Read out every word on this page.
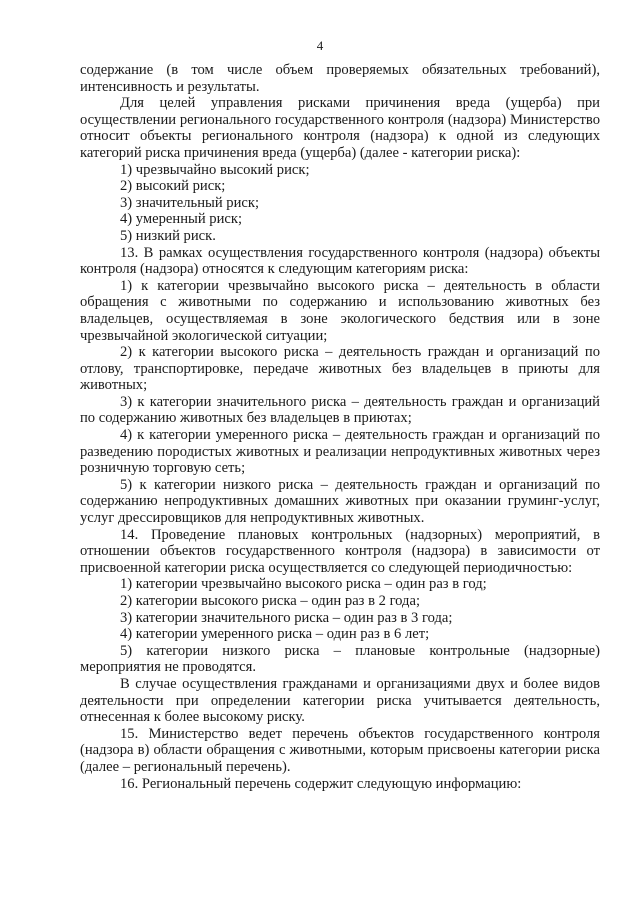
4

содержание (в том числе объем проверяемых обязательных требований), интенсивность и результаты.

Для целей управления рисками причинения вреда (ущерба) при осуществлении регионального государственного контроля (надзора) Министерство относит объекты регионального контроля (надзора) к одной из следующих категорий риска причинения вреда (ущерба) (далее - категории риска):

1) чрезвычайно высокий риск;

2) высокий риск;

3) значительный риск;

4) умеренный риск;

5) низкий риск.

13. В рамках осуществления государственного контроля (надзора) объекты контроля (надзора) относятся к следующим категориям риска:

1) к категории чрезвычайно высокого риска – деятельность в области обращения с животными по содержанию и использованию животных без владельцев, осуществляемая в зоне экологического бедствия или в зоне чрезвычайной экологической ситуации;

2) к категории высокого риска – деятельность граждан и организаций по отлову, транспортировке, передаче животных без владельцев в приюты для животных;

3) к категории значительного риска – деятельность граждан и организаций по содержанию животных без владельцев в приютах;

4) к категории умеренного риска – деятельность граждан и организаций по разведению породистых животных и реализации непродуктивных животных через розничную торговую сеть;

5) к категории низкого риска – деятельность граждан и организаций по содержанию непродуктивных домашних животных при оказании груминг-услуг, услуг дрессировщиков для непродуктивных животных.

14. Проведение плановых контрольных (надзорных) мероприятий, в отношении объектов государственного контроля (надзора) в зависимости от присвоенной категории риска осуществляется со следующей периодичностью:

1) категории чрезвычайно высокого риска – один раз в год;

2) категории высокого риска – один раз в 2 года;

3) категории значительного риска – один раз в 3 года;

4) категории умеренного риска – один раз в 6 лет;

5) категории низкого риска – плановые контрольные (надзорные) мероприятия не проводятся.

В случае осуществления гражданами и организациями двух и более видов деятельности при определении категории риска учитывается деятельность, отнесенная к более высокому риску.

15. Министерство ведет перечень объектов государственного контроля (надзора в) области обращения с животными, которым присвоены категории риска (далее – региональный перечень).

16. Региональный перечень содержит следующую информацию:
